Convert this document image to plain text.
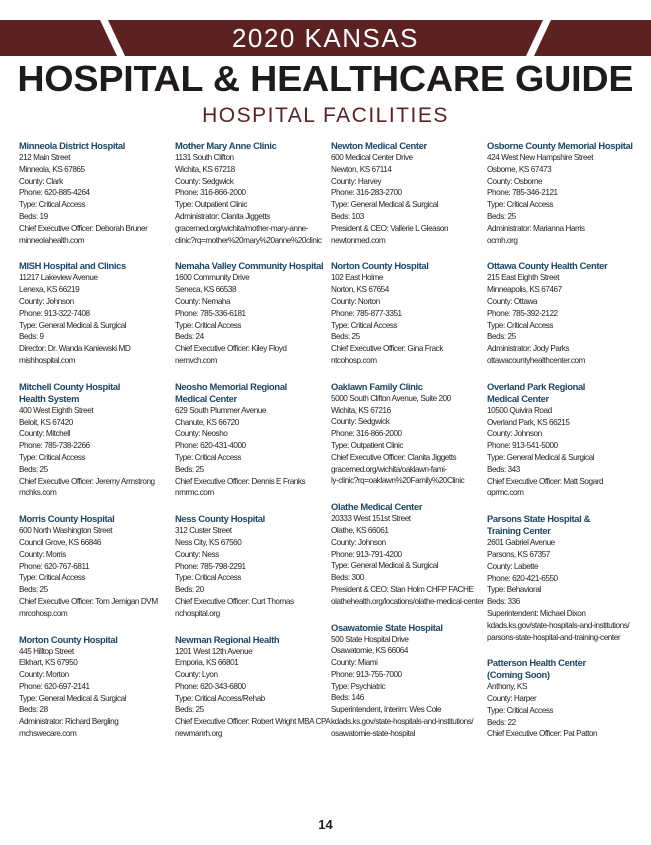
2020 KANSAS
HOSPITAL & HEALTHCARE GUIDE
HOSPITAL FACILITIES
Minneola District Hospital
212 Main Street
Minneola, KS 67865
County: Clark
Phone: 620-885-4264
Type: Critical Access
Beds: 19
Chief Executive Officer: Deborah Bruner
minneolahealth.com
MISH Hospital and Clinics
11217 Lakeview Avenue
Lenexa, KS 66219
County: Johnson
Phone: 913-322-7408
Type: General Medical & Surgical
Beds: 9
Director: Dr. Wanda Kaniewski MD
mishhospital.com
Mitchell County Hospital
Health System
400 West Eighth Street
Beloit, KS 67420
County: Mitchell
Phone: 785-738-2266
Type: Critical Access
Beds: 25
Chief Executive Officer: Jeremy Armstrong
mchks.com
Morris County Hospital
600 North Washington Street
Council Grove, KS 66846
County: Morris
Phone: 620-767-6811
Type: Critical Access
Beds: 25
Chief Executive Officer: Tom Jernigan DVM
mrcohosp.com
Morton County Hospital
445 Hilltop Street
Elkhart, KS 67950
County: Morton
Phone: 620-697-2141
Type: General Medical & Surgical
Beds: 28
Administrator: Richard Bergling
mchswecare.com
Mother Mary Anne Clinic
1131 South Clifton
Wichita, KS 67218
County: Sedgwick
Phone: 316-866-2000
Type: Outpatient Clinic
Administrator: Clanita Jiggetts
gracemed.org/wichita/mother-mary-anne-
clinic?rq=mother%20mary%20anne%20clinic
Nemaha Valley Community Hospital
1600 Community Drive
Seneca, KS 66538
County: Nemaha
Phone: 785-336-6181
Type: Critical Access
Beds: 24
Chief Executive Officer: Kiley Floyd
nemvch.com
Neosho Memorial Regional
Medical Center
629 South Plummer Avenue
Chanute, KS 66720
County: Neosho
Phone: 620-431-4000
Type: Critical Access
Beds: 25
Chief Executive Officer: Dennis E Franks
nmrmc.com
Ness County Hospital
312 Custer Street
Ness City, KS 67560
County: Ness
Phone: 785-798-2291
Type: Critical Access
Beds: 20
Chief Executive Officer: Curt Thomas
nchospital.org
Newman Regional Health
1201 West 12th Avenue
Emporia, KS 66801
County: Lyon
Phone: 620-343-6800
Type: Critical Access/Rehab
Beds: 25
Chief Executive Officer: Robert Wright MBA CPA
newmanrh.org
Newton Medical Center
600 Medical Center Drive
Newton, KS 67114
County: Harvey
Phone: 316-283-2700
Type: General Medical & Surgical
Beds: 103
President & CEO: Vallerie L Gleason
newtonmed.com
Norton County Hospital
102 East Holme
Norton, KS 67654
County: Norton
Phone: 785-877-3351
Type: Critical Access
Beds: 25
Chief Executive Officer: Gina Frack
ntcohosp.com
Oaklawn Family Clinic
5000 South Clifton Avenue, Suite 200
Wichita, KS 67216
County: Sedgwick
Phone: 316-866-2000
Type: Outpatient Clinic
Chief Executive Officer: Clanita Jiggetts
gracemed.org/wichita/oaklawn-fami-
ly-clinic?rq=oaklawn%20Family%20Clinic
Olathe Medical Center
20333 West 151st Street
Olathe, KS 66061
County: Johnson
Phone: 913-791-4200
Type: General Medical & Surgical
Beds: 300
President & CEO: Stan Holm CHFP FACHE
olathehealth.org/locations/olathe-medical-center
Osawatomie State Hospital
500 State Hospital Drive
Osawatomie, KS 66064
County: Miami
Phone: 913-755-7000
Type: Psychiatric
Beds: 146
Superintendent, Interim: Wes Cole
kdads.ks.gov/state-hospitals-and-institutions/
osawatomie-state-hospital
Osborne County Memorial Hospital
424 West New Hampshire Street
Osborne, KS 67473
County: Osborne
Phone: 785-346-2121
Type: Critical Access
Beds: 25
Administrator: Marianna Harris
ocmh.org
Ottawa County Health Center
215 East Eighth Street
Minneapolis, KS 67467
County: Ottawa
Phone: 785-392-2122
Type: Critical Access
Beds: 25
Administrator: Jody Parks
ottawacountyhealthcenter.com
Overland Park Regional
Medical Center
10500 Quivira Road
Overland Park, KS 66215
County: Johnson
Phone: 913-541-5000
Type: General Medical & Surgical
Beds: 343
Chief Executive Officer: Matt Sogard
oprmc.com
Parsons State Hospital &
Training Center
2601 Gabriel Avenue
Parsons, KS 67357
County: Labette
Phone: 620-421-6550
Type: Behavioral
Beds: 336
Superintendent: Michael Dixon
kdads.ks.gov/state-hospitals-and-institutions/
parsons-state-hospital-and-training-center
Patterson Health Center
(Coming Soon)
Anthony, KS
County: Harper
Type: Critical Access
Beds: 22
Chief Executive Officer: Pat Patton
14
